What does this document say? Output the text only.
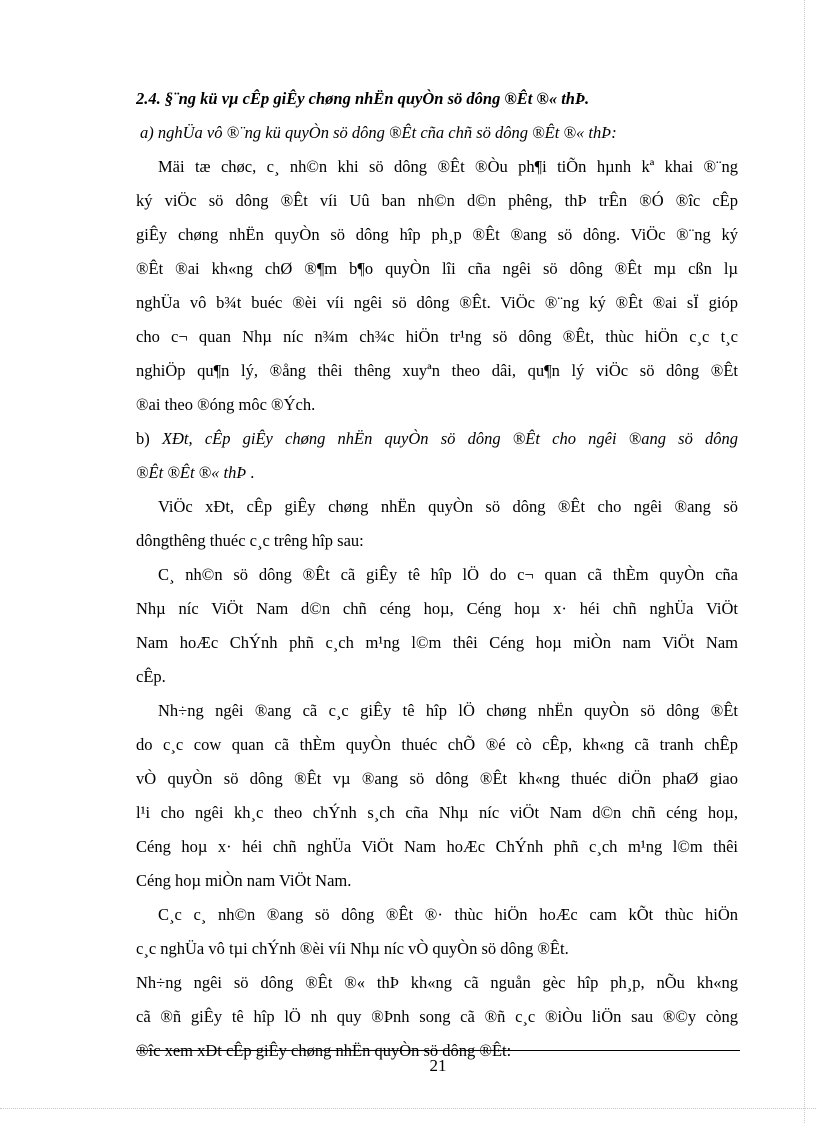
2.4. §¨ng kü vµ cÊp giÊy chøng nhËn quyÒn sö dông ®Êt ®« thÞ.
a) nghÜa vô ®¨ng kü quyÒn sö dông ®Êt cña chñ sö dông ®Êt ®« thÞ:
Mäi tæ chøc, c¸ nh©n khi sö dông ®Êt ®Òu ph¶i tiÕn hµnh kª khai ®¨ng
ký viÖc sö dông ®Êt víi Uû ban nh©n d©n phêng, thÞ trÊn ®Ó ®îc cÊp
giÊy chøng nhËn quyÒn sö dông hîp ph¸p ®Êt ®ang sö dông. ViÖc ®¨ng ký
®Êt ®ai kh«ng chØ ®¶m b¶o quyÒn lîi cña ngêi sö dông ®Êt mµ cßn lµ
nghÜa vô b¾t buéc ®èi víi ngêi sö dông ®Êt. ViÖc ®¨ng ký ®Êt ®ai sÏ gióp
cho c¬ quan Nhµ níc n¾m ch¾c hiÖn tr¹ng sö dông ®Êt, thùc hiÖn c¸c t¸c
nghiÖp qu¶n lý, ®ång thêi thêng xuyªn theo dâi, qu¶n lý viÖc sö dông ®Êt
®ai theo ®óng môc ®Ých.
b) XÐt, cÊp giÊy chøng nhËn quyÒn sö dông ®Êt cho ngêi ®ang sö dông
®Êt ®Êt ®« thÞ .
ViÖc xÐt, cÊp giÊy chøng nhËn quyÒn sö dông ®Êt cho ngêi ®ang sö
dôngthêng thuéc c¸c trêng hîp sau:
C¸ nh©n sö dông ®Êt cã giÊy tê hîp lÖ do c¬ quan cã thÈm quyÒn cña
Nhµ níc ViÖt Nam d©n chñ céng hoµ, Céng hoµ x· héi chñ nghÜa ViÖt
Nam hoÆc ChÝnh phñ c¸ch m¹ng l©m thêi Céng hoµ miÒn nam ViÖt Nam
cÊp.
Nh÷ng ngêi ®ang cã c¸c giÊy tê hîp lÖ chøng nhËn quyÒn sö dông ®Êt
do c¸c cow quan cã thÈm quyÒn thuéc chÕ ®é cò cÊp, kh«ng cã tranh chÊp
vÒ quyÒn sö dông ®Êt vµ ®ang sö dông ®Êt kh«ng thuéc diÖn phaØ giao
l¹i cho ngêi kh¸c theo chÝnh s¸ch cña Nhµ níc viÖt Nam d©n chñ céng hoµ,
Céng hoµ x· héi chñ nghÜa ViÖt Nam hoÆc ChÝnh phñ c¸ch m¹ng l©m thêi
Céng hoµ miÒn nam ViÖt Nam.
C¸c c¸ nh©n ®ang sö dông ®Êt ®· thùc hiÖn hoÆc cam kÕt thùc hiÖn
c¸c nghÜa vô tµi chÝnh ®èi víi Nhµ níc vÒ quyÒn sö dông ®Êt.
Nh÷ng ngêi sö dông ®Êt ®« thÞ kh«ng cã nguån gèc hîp ph¸p, nÕu kh«ng
cã ®ñ giÊy tê hîp lÖ nh quy ®Þnh song cã ®ñ c¸c ®iÒu liÖn sau ®©y còng
®îc xem xÐt cÊp giÊy chøng nhËn quyÒn sö dông ®Êt:
21
